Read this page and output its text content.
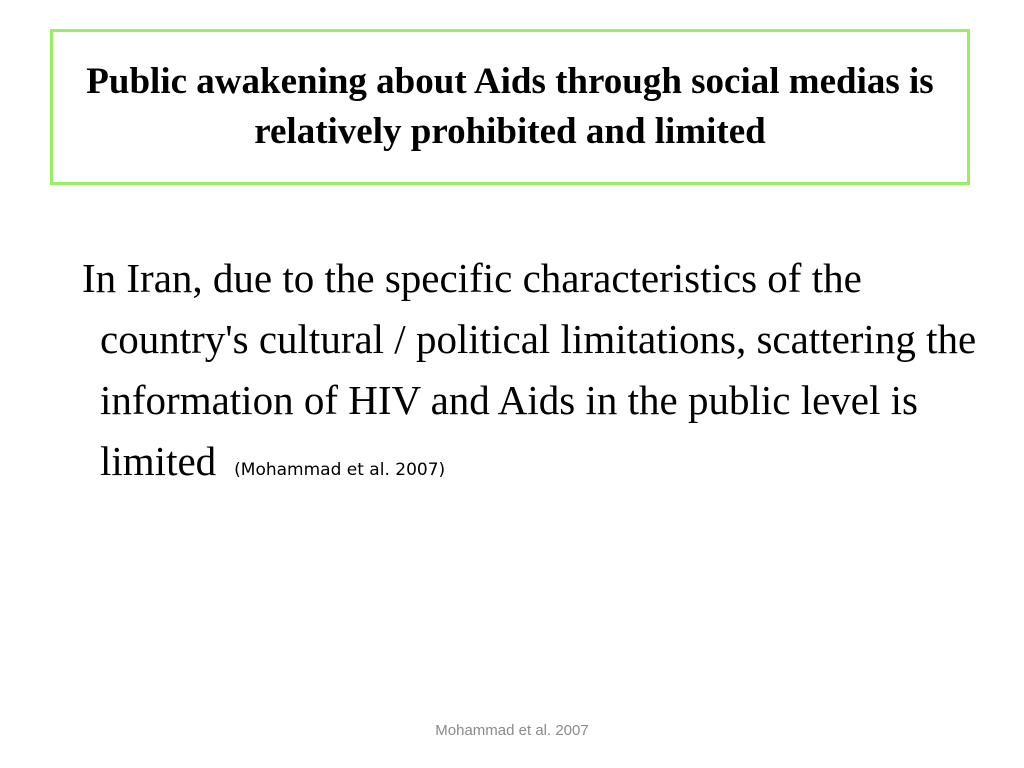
Public awakening about Aids through social medias is relatively prohibited and limited

In Iran, due to the specific characteristics of the country's cultural / political limitations, scattering the information of HIV and Aids in the public level is limited (Mohammad et al. 2007)

Mohammad et al. 2007
